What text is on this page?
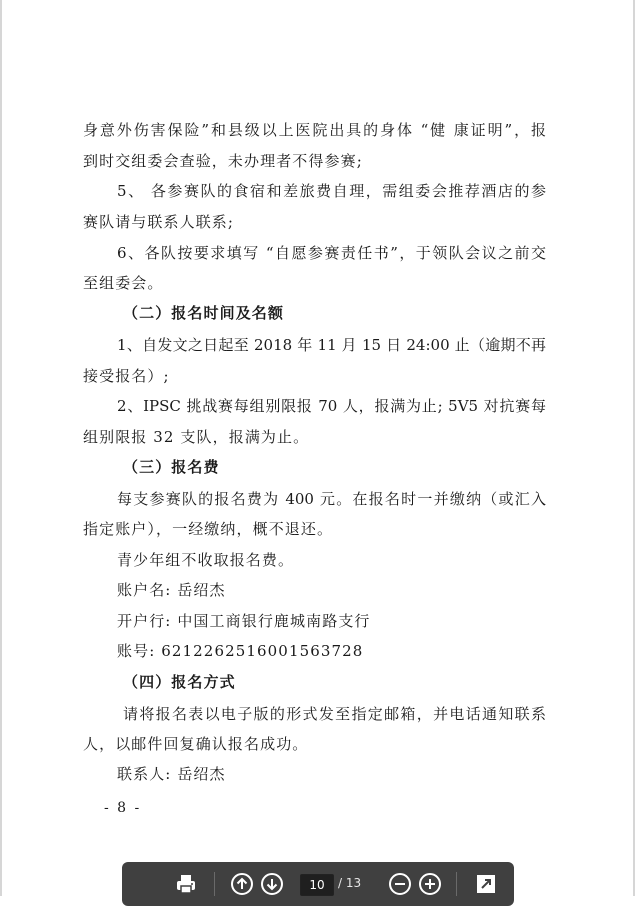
身意外伤害保险”和县级以上医院出具的身体 “健 康证明”，报
到时交组委会查验，未办理者不得参赛;
5、 各参赛队的食宿和差旅费自理，需组委会推荐酒店的参
赛队请与联系人联系;
6、各队按要求填写 “自愿参赛责任书”，于领队会议之前交
至组委会。
（二）报名时间及名额
1、自发文之日起至 2018 年 11 月 15 日 24:00 止（逾期不再
接受报名）;
2、IPSC 挑战赛每组别限报 70 人，报满为止; 5V5 对抗赛每
组别限报 32 支队，报满为止。
（三）报名费
每支参赛队的报名费为 400 元。在报名时一并缴纳（或汇入
指定账户），一经缴纳，概不退还。
青少年组不收取报名费。
账户名: 岳绍杰
开户行: 中国工商银行鹿城南路支行
账号: 6212262516001563728
（四）报名方式
请将报名表以电子版的形式发至指定邮箱，并电话通知联系
人，以邮件回复确认报名成功。
联系人: 岳绍杰
- 8 -
10
/ 13
